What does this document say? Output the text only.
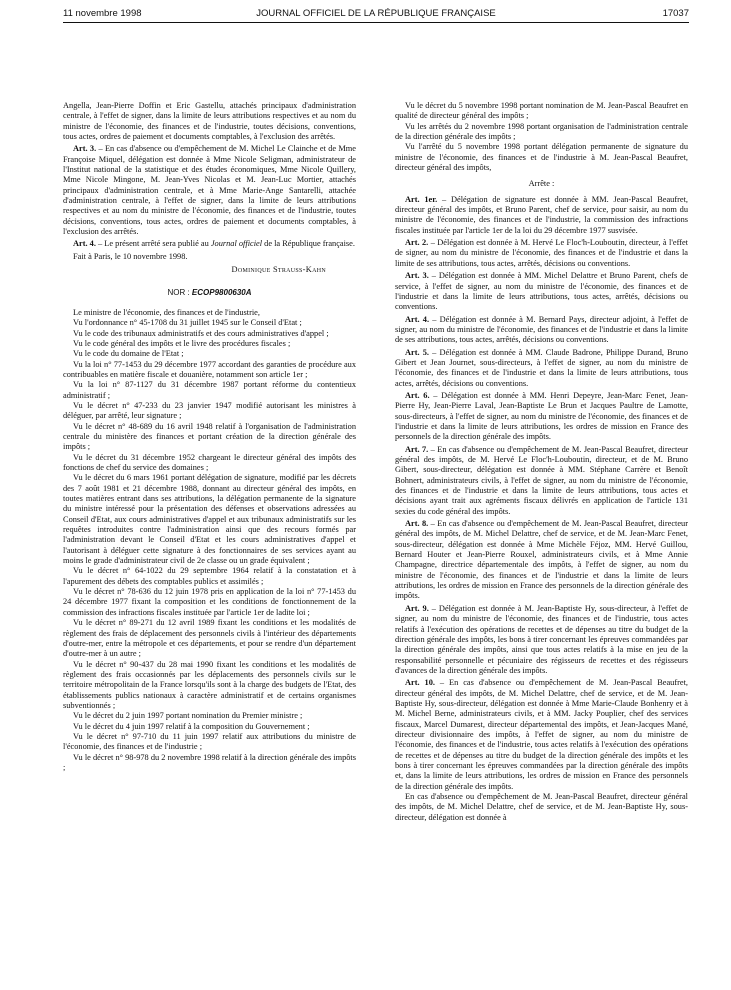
11 novembre 1998	JOURNAL OFFICIEL DE LA RÉPUBLIQUE FRANÇAISE	17037

Angella, Jean-Pierre Doffin et Eric Gastellu, attachés principaux d'administration centrale, à l'effet de signer, dans la limite de leurs attributions respectives et au nom du ministre de l'économie, des finances et de l'industrie, toutes décisions, conventions, tous actes, ordres de paiement et documents comptables, à l'exclusion des arrêtés.

Art. 3. – En cas d'absence ou d'empêchement de M. Michel Le Clainche et de Mme Françoise Miquel, délégation est donnée à Mme Nicole Seligman, administrateur de l'Institut national de la statistique et des études économiques, Mme Nicole Quillery, Mme Nicole Mingone, M. Jean-Yves Nicolas et M. Jean-Luc Mortier, attachés principaux d'administration centrale, et à Mme Marie-Ange Santarelli, attachée d'administration centrale, à l'effet de signer, dans la limite de leurs attributions respectives et au nom du ministre de l'économie, des finances et de l'industrie, toutes décisions, conventions, tous actes, ordres de paiement et documents comptables, à l'exclusion des arrêtés.

Art. 4. – Le présent arrêté sera publié au Journal officiel de la République française.

Fait à Paris, le 10 novembre 1998.

Dominique Strauss-Kahn

NOR : ECOP9800630A

Le ministre de l'économie, des finances et de l'industrie,

Vu l'ordonnance n° 45-1708 du 31 juillet 1945 sur le Conseil d'Etat ;

Vu le code des tribunaux administratifs et des cours administratives d'appel ;

Vu le code général des impôts et le livre des procédures fiscales ;

Vu le code du domaine de l'Etat ;

Vu la loi n° 77-1453 du 29 décembre 1977 accordant des garanties de procédure aux contribuables en matière fiscale et douanière, notamment son article 1er ;

Vu la loi n° 87-1127 du 31 décembre 1987 portant réforme du contentieux administratif ;

Vu le décret n° 47-233 du 23 janvier 1947 modifié autorisant les ministres à déléguer, par arrêté, leur signature ;

Vu le décret n° 48-689 du 16 avril 1948 relatif à l'organisation de l'administration centrale du ministère des finances et portant création de la direction générale des impôts ;

Vu le décret du 31 décembre 1952 chargeant le directeur général des impôts des fonctions de chef du service des domaines ;

Vu le décret du 6 mars 1961 portant délégation de signature, modifié par les décrets des 7 août 1981 et 21 décembre 1988, donnant au directeur général des impôts, en toutes matières entrant dans ses attributions, la délégation permanente de la signature du ministre intéressé pour la présentation des défenses et observations adressées au Conseil d'Etat, aux cours administratives d'appel et aux tribunaux administratifs sur les requêtes introduites contre l'administration ainsi que des recours formés par l'administration devant le Conseil d'Etat et les cours administratives d'appel et l'autorisant à déléguer cette signature à des fonctionnaires de ses services ayant au moins le grade d'administrateur civil de 2e classe ou un grade équivalent ;

Vu le décret n° 64-1022 du 29 septembre 1964 relatif à la constatation et à l'apurement des débets des comptables publics et assimilés ;

Vu le décret n° 78-636 du 12 juin 1978 pris en application de la loi n° 77-1453 du 24 décembre 1977 fixant la composition et les conditions de fonctionnement de la commission des infractions fiscales instituée par l'article 1er de ladite loi ;

Vu le décret n° 89-271 du 12 avril 1989 fixant les conditions et les modalités de règlement des frais de déplacement des personnels civils à l'intérieur des départements d'outre-mer, entre la métropole et ces départements, et pour se rendre d'un département d'outre-mer à un autre ;

Vu le décret n° 90-437 du 28 mai 1990 fixant les conditions et les modalités de règlement des frais occasionnés par les déplacements des personnels civils sur le territoire métropolitain de la France lorsqu'ils sont à la charge des budgets de l'Etat, des établissements publics nationaux à caractère administratif et de certains organismes subventionnés ;

Vu le décret du 2 juin 1997 portant nomination du Premier ministre ;

Vu le décret du 4 juin 1997 relatif à la composition du Gouvernement ;

Vu le décret n° 97-710 du 11 juin 1997 relatif aux attributions du ministre de l'économie, des finances et de l'industrie ;

Vu le décret n° 98-978 du 2 novembre 1998 relatif à la direction générale des impôts ;

Vu le décret du 5 novembre 1998 portant nomination de M. Jean-Pascal Beaufret en qualité de directeur général des impôts ;

Vu les arrêtés du 2 novembre 1998 portant organisation de l'administration centrale de la direction générale des impôts ;

Vu l'arrêté du 5 novembre 1998 portant délégation permanente de signature du ministre de l'économie, des finances et de l'industrie à M. Jean-Pascal Beaufret, directeur général des impôts,

Arrête :

Art. 1er. – Délégation de signature est donnée à MM. Jean-Pascal Beaufret, directeur général des impôts, et Bruno Parent, chef de service, pour saisir, au nom du ministre de l'économie, des finances et de l'industrie, la commission des infractions fiscales instituée par l'article 1er de la loi du 29 décembre 1977 susvisée.

Art. 2. – Délégation est donnée à M. Hervé Le Floc'h-Louboutin, directeur, à l'effet de signer, au nom du ministre de l'économie, des finances et de l'industrie et dans la limite de ses attributions, tous actes, arrêtés, décisions ou conventions.

Art. 3. – Délégation est donnée à MM. Michel Delattre et Bruno Parent, chefs de service, à l'effet de signer, au nom du ministre de l'économie, des finances et de l'industrie et dans la limite de leurs attributions, tous actes, arrêtés, décisions ou conventions.

Art. 4. – Délégation est donnée à M. Bernard Pays, directeur adjoint, à l'effet de signer, au nom du ministre de l'économie, des finances et de l'industrie et dans la limite de ses attributions, tous actes, arrêtés, décisions ou conventions.

Art. 5. – Délégation est donnée à MM. Claude Badrone, Philippe Durand, Bruno Gibert et Jean Journet, sous-directeurs, à l'effet de signer, au nom du ministre de l'économie, des finances et de l'industrie et dans la limite de leurs attributions, tous actes, arrêtés, décisions ou conventions.

Art. 6. – Délégation est donnée à MM. Henri Depeyre, Jean-Marc Fenet, Jean-Pierre Hy, Jean-Pierre Laval, Jean-Baptiste Le Brun et Jacques Paultre de Lamotte, sous-directeurs, à l'effet de signer, au nom du ministre de l'économie, des finances et de l'industrie et dans la limite de leurs attributions, les ordres de mission en France des personnels de la direction générale des impôts.

Art. 7. – En cas d'absence ou d'empêchement de M. Jean-Pascal Beaufret, directeur général des impôts, de M. Hervé Le Floc'h-Louboutin, directeur, et de M. Bruno Gibert, sous-directeur, délégation est donnée à MM. Stéphane Carrère et Benoît Bohnert, administrateurs civils, à l'effet de signer, au nom du ministre de l'économie, des finances et de l'industrie et dans la limite de leurs attributions, tous actes et décisions ayant trait aux agréments fiscaux délivrés en application de l'article 131 sexies du code général des impôts.

Art. 8. – En cas d'absence ou d'empêchement de M. Jean-Pascal Beaufret, directeur général des impôts, de M. Michel Delattre, chef de service, et de M. Jean-Marc Fenet, sous-directeur, délégation est donnée à Mme Michèle Féjoz, MM. Hervé Guillou, Bernard Houter et Jean-Pierre Rouxel, administrateurs civils, et à Mme Annie Champagne, directrice départementale des impôts, à l'effet de signer, au nom du ministre de l'économie, des finances et de l'industrie et dans la limite de leurs attributions, les ordres de mission en France des personnels de la direction générale des impôts.

Art. 9. – Délégation est donnée à M. Jean-Baptiste Hy, sous-directeur, à l'effet de signer, au nom du ministre de l'économie, des finances et de l'industrie, tous actes relatifs à l'exécution des opérations de recettes et de dépenses au titre du budget de la direction générale des impôts, les bons à tirer concernant les épreuves commandées par la direction générale des impôts, ainsi que tous actes relatifs à la mise en jeu de la responsabilité personnelle et pécuniaire des régisseurs de recettes et des régisseurs d'avances de la direction générale des impôts.

Art. 10. – En cas d'absence ou d'empêchement de M. Jean-Pascal Beaufret, directeur général des impôts, de M. Michel Delattre, chef de service, et de M. Jean-Baptiste Hy, sous-directeur, délégation est donnée à Mme Marie-Claude Bonhenry et à M. Michel Berne, administrateurs civils, et à MM. Jacky Pouplier, chef des services fiscaux, Marcel Dumarest, directeur départemental des impôts, et Jean-Jacques Mané, directeur divisionnaire des impôts, à l'effet de signer, au nom du ministre de l'économie, des finances et de l'industrie, tous actes relatifs à l'exécution des opérations de recettes et de dépenses au titre du budget de la direction générale des impôts et les bons à tirer concernant les épreuves commandées par la direction générale des impôts et, dans la limite de leurs attributions, les ordres de mission en France des personnels de la direction générale des impôts.

En cas d'absence ou d'empêchement de M. Jean-Pascal Beaufret, directeur général des impôts, de M. Michel Delattre, chef de service, et de M. Jean-Baptiste Hy, sous-directeur, délégation est donnée à
